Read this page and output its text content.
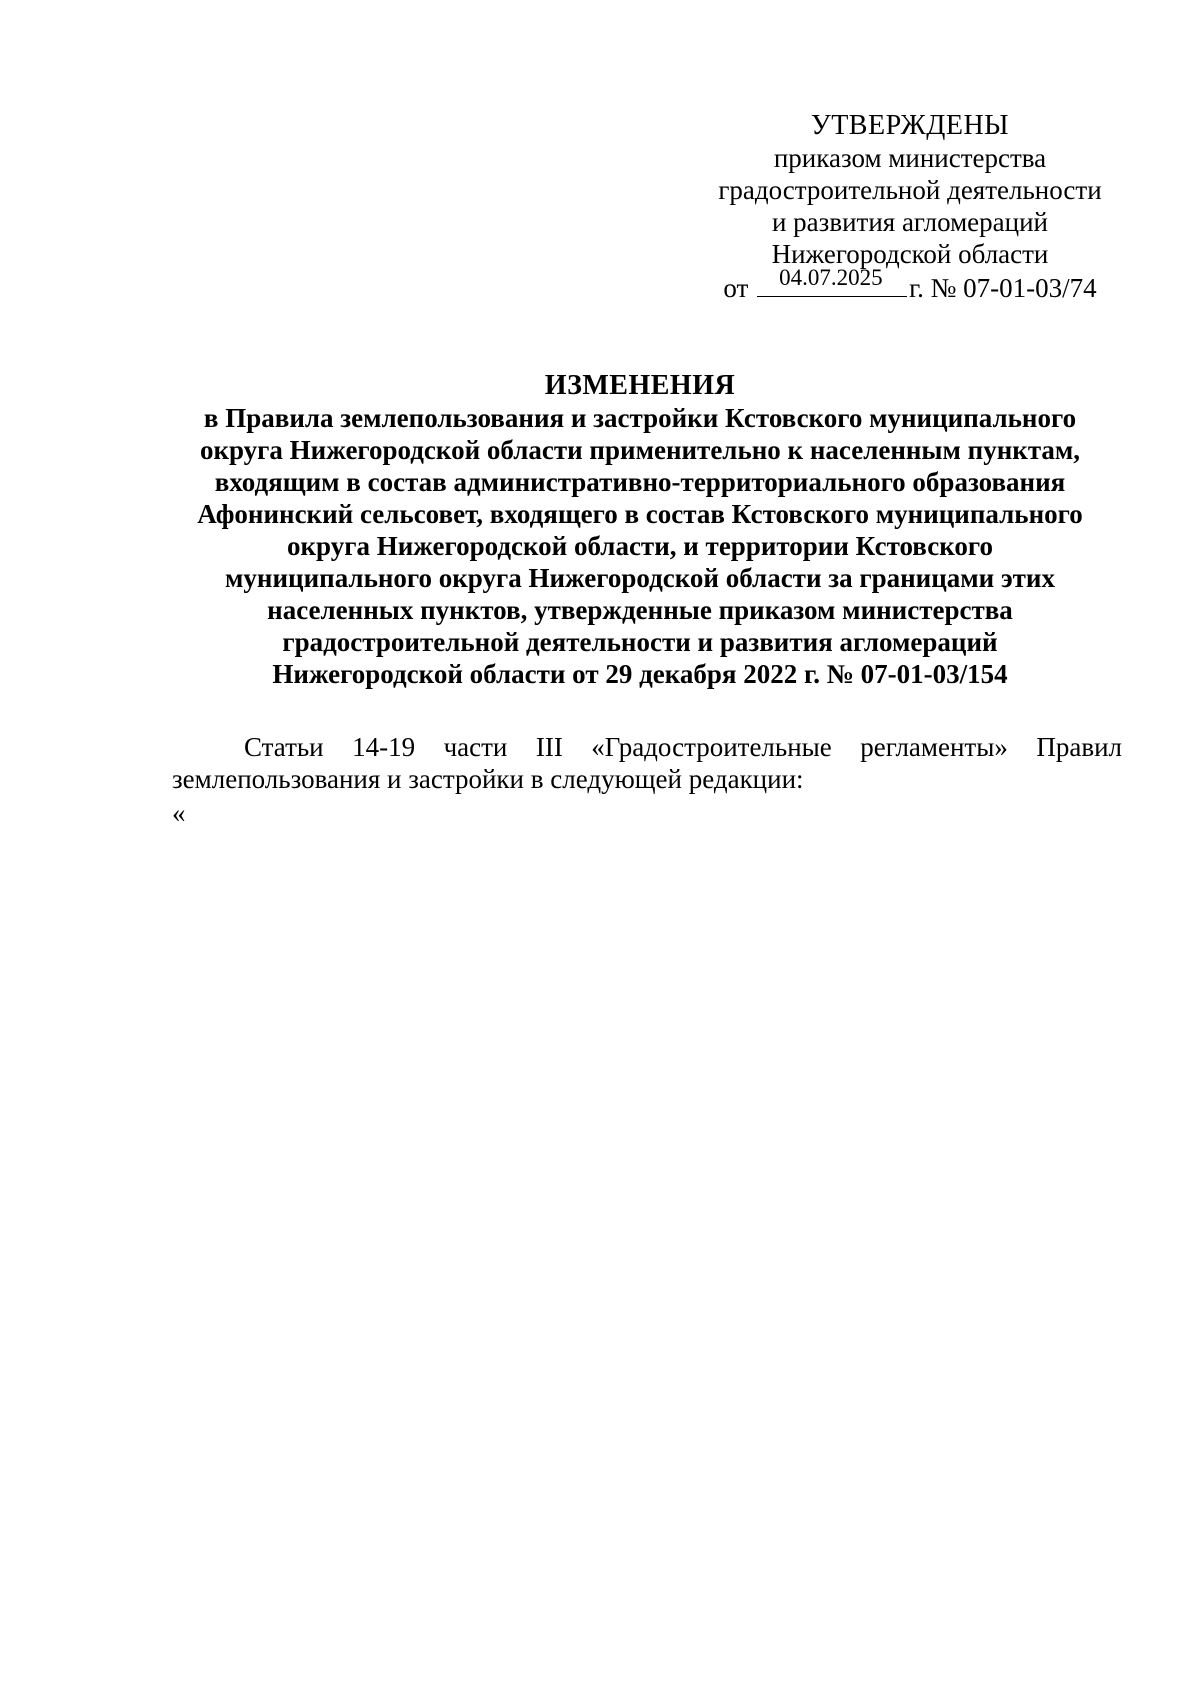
УТВЕРЖДЕНЫ
приказом министерства
градостроительной деятельности
и развития агломераций
Нижегородской области
от 04.07.2025 г. № 07-01-03/74
ИЗМЕНЕНИЯ
в Правила землепользования и застройки Кстовского муниципального
округа Нижегородской области применительно к населенным пунктам,
входящим в состав административно-территориального образования
Афонинский сельсовет, входящего в состав Кстовского муниципального
округа Нижегородской области, и территории Кстовского
муниципального округа Нижегородской области за границами этих
населенных пунктов, утвержденные приказом министерства
градостроительной деятельности и развития агломераций
Нижегородской области от 29 декабря 2022 г. № 07-01-03/154
Статьи 14-19 части III «Градостроительные регламенты» Правил землепользования и застройки в следующей редакции:
«
